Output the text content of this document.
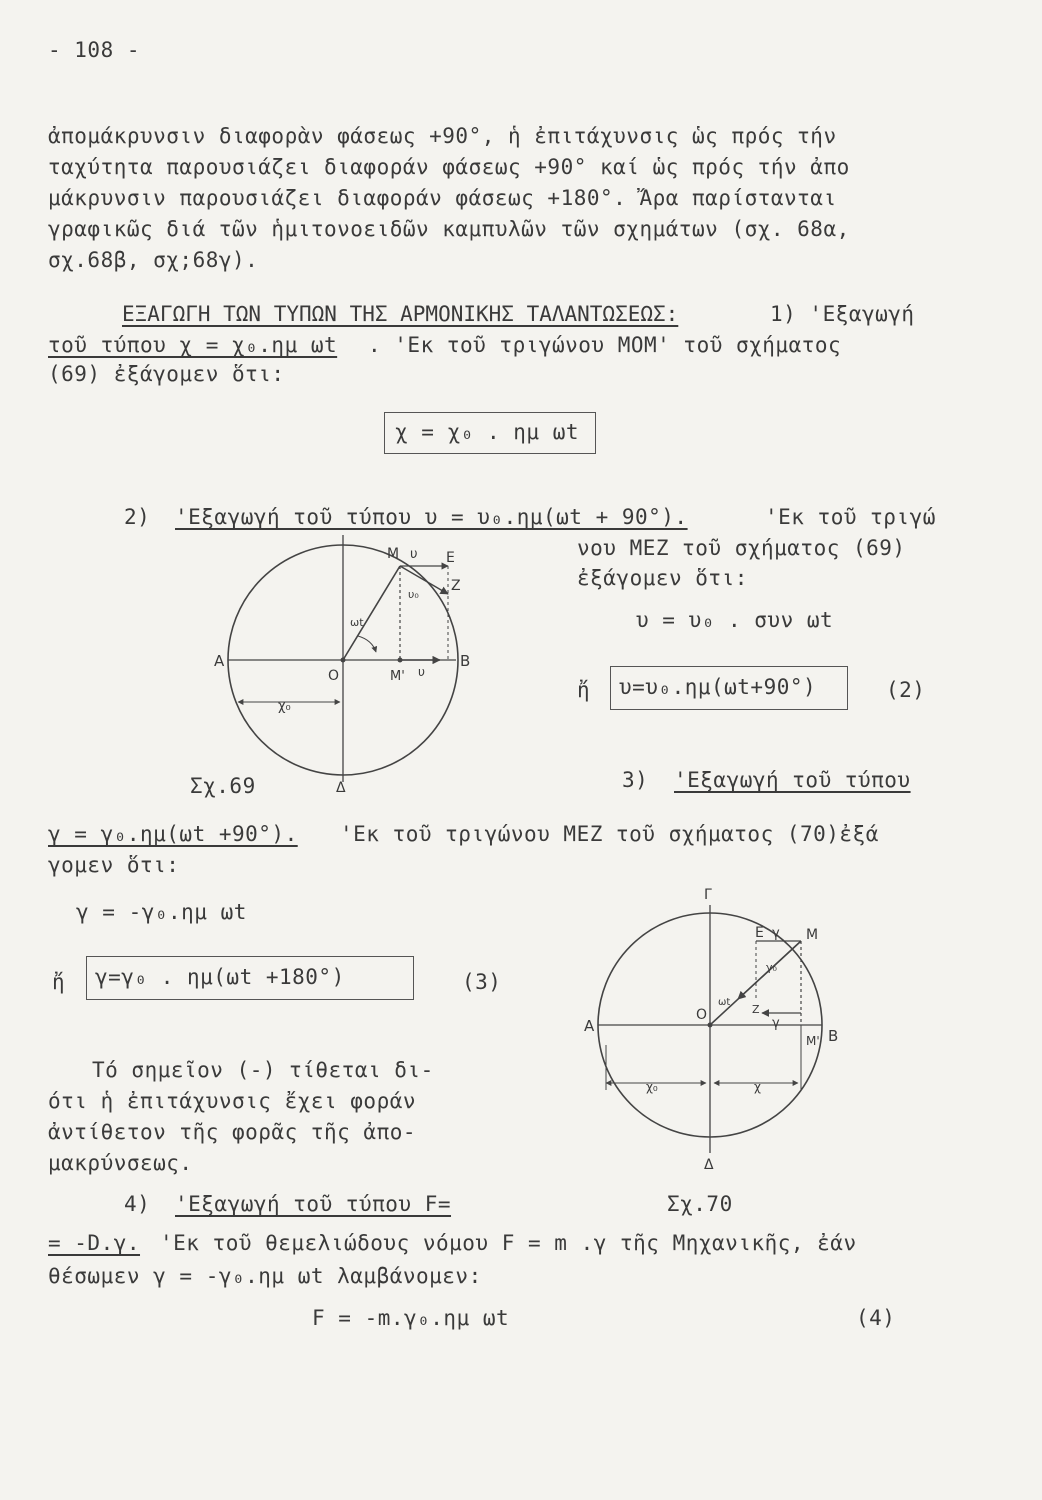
- 108 -
ἀπομάκρυνσιν διαφορὰν φάσεως +90°, ἡ ἐπιτάχυνσις ὡς πρός τήν
ταχύτητα παρουσιάζει διαφοράν φάσεως +90° καί ὡς πρός τήν ἀπο
μάκρυνσιν παρουσιάζει διαφοράν φάσεως +180°. Ἄρα παρίστανται
γραφικῶς διά τῶν ἡμιτονοειδῶν καμπυλῶν τῶν σχημάτων (σχ. 68α,
σχ.68β, σχ;68γ).
ΕΞΑΓΩΓΗ ΤΩΝ ΤΥΠΩΝ ΤΗΣ ΑΡΜΟΝΙΚΗΣ ΤΑΛΑΝΤΩΣΕΩΣ:	1) 'Εξαγωγή
τοῦ τύπου χ = χ₀.ημ ωt . 'Εκ τοῦ τριγώνου ΜΟΜ' τοῦ σχήματος
(69) ἐξάγομεν ὅτι:
χ = χ₀ . ημ ωt
2) 'Εξαγωγή τοῦ τύπου υ = υ₀.ημ(ωt + 90°).	'Εκ τοῦ τριγώ
νου ΜΕΖ τοῦ σχήματος (69)
ἐξάγομεν ὅτι:
υ = υ₀ . συν ωt
ἤ υ=υ₀.ημ(ωt+90°)	(2)
Μ υ Ε
Ζ
υ₀
ωt
Α
Ο	Μ' υ
Β
χ₀
Δ
Σχ.69	3) 'Εξαγωγή τοῦ τύπου
γ = γ₀.ημ(ωt +90°). 'Εκ τοῦ τριγώνου ΜΕΖ τοῦ σχήματος (70)ἐξά
γομεν ὅτι:
γ = -γ₀.ημ ωt
ἤ γ=γ₀ . ημ(ωt +180°)	(3)
Τό σημεῖον (-) τίθεται δι-
ότι ἡ ἐπιτάχυνσις ἔχει φοράν
ἀντίθετον τῆς φορᾶς τῆς ἀπο-
μακρύνσεως.
Γ
Ε γ Μ
γ₀
Ο
ωt
Ζ
γ
Α
Β
Μ'
χ₀	χ
Δ
Σχ.70
4) 'Εξαγωγή τοῦ τύπου F=
= -D.γ. 'Εκ τοῦ θεμελιώδους νόμου F = m .γ τῆς Μηχανικῆς, ἐάν
θέσωμεν γ = -γ₀.ημ ωt λαμβάνομεν:
F = -m.γ₀.ημ ωt	(4)
